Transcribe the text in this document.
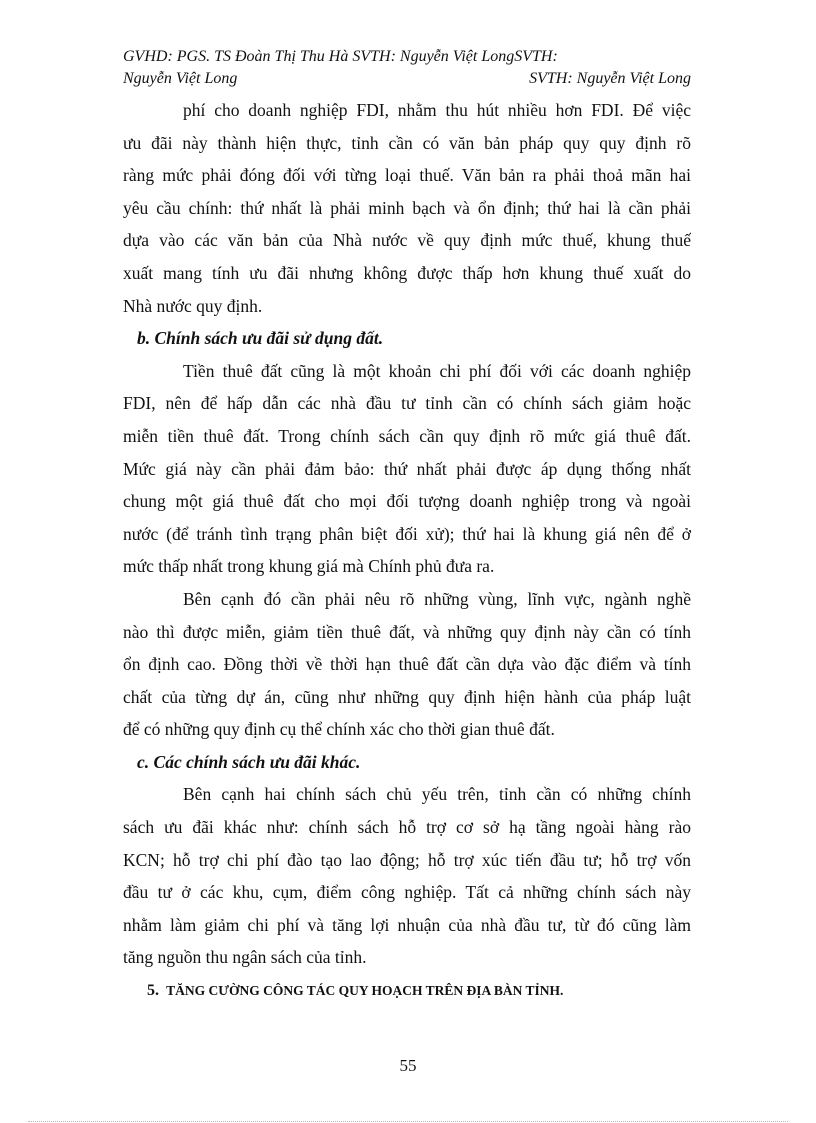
GVHD: PGS. TS Đoàn Thị Thu Hà SVTH: Nguyễn Việt LongSVTH:
Nguyễn Việt Long	SVTH: Nguyễn Việt Long

phí cho doanh nghiệp FDI, nhằm thu hút nhiều hơn FDI. Để việc

ưu đãi này thành hiện thực, tỉnh cần có văn bản pháp quy quy định rõ

ràng mức phải đóng đối với từng loại thuế. Văn bản ra phải thoả mãn hai

yêu cầu chính: thứ nhất là phải minh bạch và ổn định; thứ hai là cần phải

dựa vào các văn bản của Nhà nước về quy định mức thuế, khung thuế

xuất mang tính ưu đãi nhưng không được thấp hơn khung thuế xuất do

Nhà nước quy định.

b. Chính sách ưu đãi sử dụng đất.

Tiền thuê đất cũng là một khoản chi phí đối với các doanh nghiệp

FDI, nên để hấp dẫn các nhà đầu tư tỉnh cần có chính sách giảm hoặc

miễn tiền thuê đất. Trong chính sách cần quy định rõ mức giá thuê đất.

Mức giá này cần phải đảm bảo: thứ nhất phải được áp dụng thống nhất

chung một giá thuê đất cho mọi đối tượng doanh nghiệp trong và ngoài

nước (để tránh tình trạng phân biệt đối xử); thứ hai là khung giá nên để ở

mức thấp nhất trong khung giá mà Chính phủ đưa ra.

Bên cạnh đó cần phải nêu rõ những vùng, lĩnh vực, ngành nghề

nào thì được miễn, giảm tiền thuê đất, và những quy định này cần có tính

ổn định cao. Đồng thời về thời hạn thuê đất cần dựa vào đặc điểm và tính

chất của từng dự án, cũng như những quy định hiện hành của pháp luật

để có những quy định cụ thể chính xác cho thời gian thuê đất.

c. Các chính sách ưu đãi khác.

Bên cạnh hai chính sách chủ yếu trên, tỉnh cần có những chính

sách ưu đãi khác như: chính sách hỗ trợ cơ sở hạ tầng ngoài hàng rào

KCN; hỗ trợ chi phí đào tạo lao động; hỗ trợ xúc tiến đầu tư; hỗ trợ vốn

đầu tư ở các khu, cụm, điểm công nghiệp. Tất cả những chính sách này

nhằm làm giảm chi phí và tăng lợi nhuận của nhà đầu tư, từ đó cũng làm

tăng nguồn thu ngân sách của tỉnh.

5. TĂNG CƯỜNG CÔNG TÁC QUY HOẠCH TRÊN ĐỊA BÀN TỈNH.

55
